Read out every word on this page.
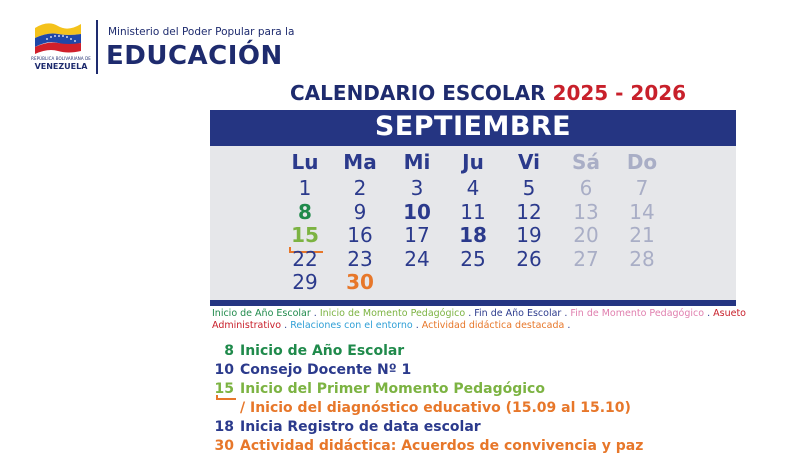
REPÚBLICA BOLIVARIANA DE
VENEZUELA
Ministerio del Poder Popular para la
EDUCACIÓN
CALENDARIO ESCOLAR 2025 - 2026
SEPTIEMBRE
Lu	Ma	Mi	Ju	Vi	Sá	Do
1	2	3	4	5	6	7
8	9	10	11	12	13	14
15	16	17	18	19	20	21
22	23	24	25	26	27	28
29	30
Inicio de Año Escolar . Inicio de Momento Pedagógico . Fin de Año Escolar . Fin de Momento Pedagógico . Asueto Administrativo . Relaciones con el entorno . Actividad didáctica destacada .
8 Inicio de Año Escolar
10 Consejo Docente Nº 1
15 Inicio del Primer Momento Pedagógico
/ Inicio del diagnóstico educativo (15.09 al 15.10)
18 Inicia Registro de data escolar
30 Actividad didáctica: Acuerdos de convivencia y paz
